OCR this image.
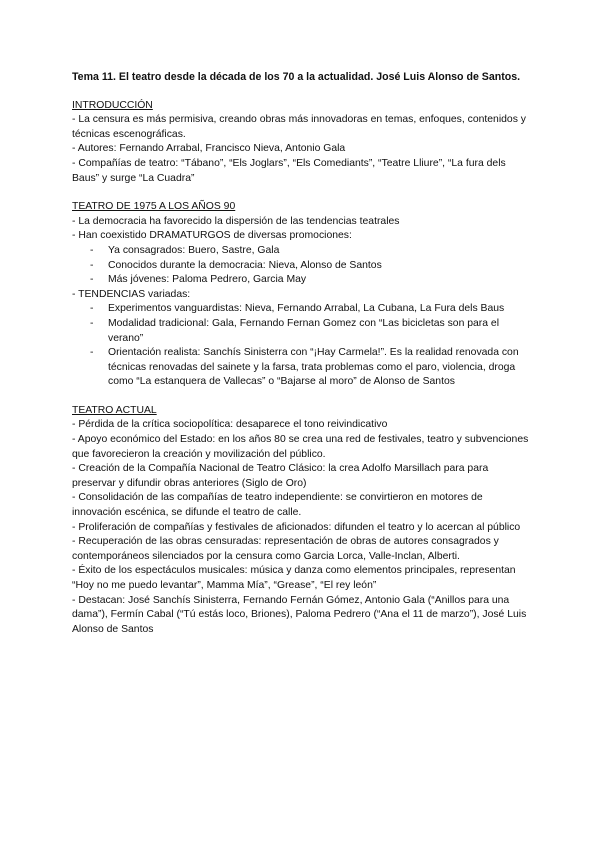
Tema 11. El teatro desde la década de los 70 a la actualidad. José Luis Alonso de Santos.

INTRODUCCIÓN

- La censura es más permisiva, creando obras más innovadoras en temas, enfoques, contenidos y técnicas escenográficas.

- Autores: Fernando Arrabal, Francisco Nieva, Antonio Gala

- Compañías de teatro: “Tábano”, “Els Joglars”, “Els Comediants”, “Teatre Lliure”, “La fura dels Baus” y surge “La Cuadra”

TEATRO DE 1975 A LOS AÑOS 90

- La democracia ha favorecido la dispersión de las tendencias teatrales

- Han coexistido DRAMATURGOS de diversas promociones:

- Ya consagrados: Buero, Sastre, Gala
- Conocidos durante la democracia: Nieva, Alonso de Santos
- Más jóvenes: Paloma Pedrero, Garcia May

- TENDENCIAS variadas:

- Experimentos vanguardistas: Nieva, Fernando Arrabal, La Cubana, La Fura dels Baus
- Modalidad tradicional: Gala, Fernando Fernan Gomez con “Las bicicletas son para el verano”
- Orientación realista: Sanchís Sinisterra con “¡Hay Carmela!”. Es la realidad renovada con técnicas renovadas del sainete y la farsa, trata problemas como el paro, violencia, droga como “La estanquera de Vallecas” o “Bajarse al moro” de Alonso de Santos

TEATRO ACTUAL

- Pérdida de la crítica sociopolítica: desaparece el tono reivindicativo

- Apoyo económico del Estado: en los años 80 se crea una red de festivales, teatro y subvenciones que favorecieron la creación y movilización del público.

- Creación de la Compañía Nacional de Teatro Clásico: la crea Adolfo Marsillach para para preservar y difundir obras anteriores (Siglo de Oro)

- Consolidación de las compañías de teatro independiente: se convirtieron en motores de innovación escénica, se difunde el teatro de calle.

- Proliferación de compañías y festivales de aficionados: difunden el teatro y lo acercan al público

- Recuperación de las obras censuradas: representación de obras de autores consagrados y contemporáneos silenciados por la censura como Garcia Lorca, Valle-Inclan, Alberti.

- Éxito de los espectáculos musicales: música y danza como elementos principales, representan “Hoy no me puedo levantar”, Mamma Mía”, “Grease”, “El rey león”

- Destacan: José Sanchís Sinisterra, Fernando Fernán Gómez, Antonio Gala (“Anillos para una dama”), Fermín Cabal (“Tú estás loco, Briones), Paloma Pedrero (“Ana el 11 de marzo”), José Luis Alonso de Santos
